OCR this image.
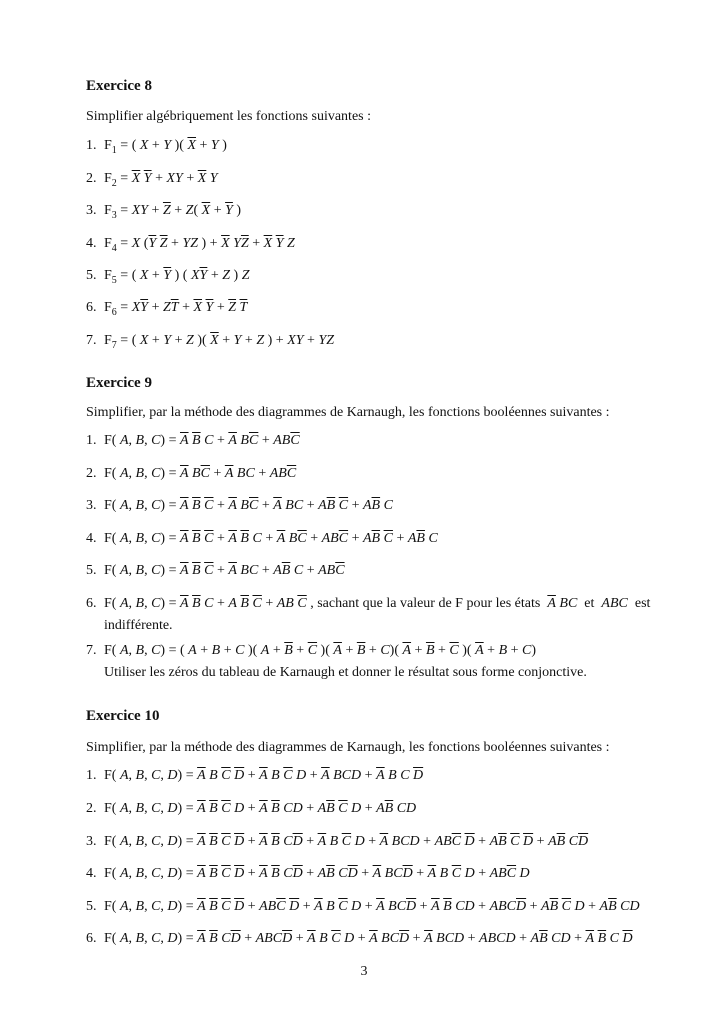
Exercice 8
Simplifier algébriquement les fonctions suivantes :
1. $F_1$ = ( X + Y )( $\overline{X} + Y$ )
2. $F_2 = \overline{X}$ $\overline{Y}$ + XY + $\overline{X}$ Y
3. $F_3$ = XY + $\overline{Z} + Z$( $\overline{X} + \overline{Y}$ )
4. $F_4 = X$ ($\overline{Y}$ $\overline{Z}$ + YZ ) + $\overline{X}$ $Y\overline{Z} + \overline{X}$ $\overline{Y}$ Z
5. $F_5$ = ( $X + \overline{Y}$ ) ( $X\overline{Y} + Z$ ) Z
6. $F_6 = X\overline{Y} + Z\overline{T} + \overline{X}$ $\overline{Y} + \overline{Z}$ $\overline{T}$
7. $F_7$ = ( X + Y + Z )( $\overline{X} + Y + Z$ ) + XY + YZ
Exercice 9
Simplifier, par la méthode des diagrammes de Karnaugh, les fonctions booléennes suivantes :
1. F( A, B, $C) = \overline{A}$ $\overline{B}$ $C + \overline{A}$ $B\overline{C} + AB\overline{C}$
2. F( A, B, $C) = \overline{A}$ $B\overline{C} + \overline{A}$ BC + $AB\overline{C}$
3. F( A, B, $C) = \overline{A}$ $\overline{B}$ $\overline{C} + \overline{A}$ $B\overline{C} + \overline{A}$ BC + $A\overline{B}$ $\overline{C} + A\overline{B}$ C
4. F( A, B, $C) = \overline{A}$ $\overline{B}$ $\overline{C} + \overline{A}$ $\overline{B}$ $C + \overline{A}$ $B\overline{C} + AB\overline{C} + A\overline{B}$ $\overline{C} + A\overline{B}$ C
5. F( A, B, $C) = \overline{A}$ $\overline{B}$ $\overline{C} + \overline{A}$ BC + $A\overline{B}$ $C + AB\overline{C}$
7. F( A, B, C) = ( A + B + C )( $A + \overline{B} + \overline{C}$ )( $\overline{A} + \overline{B} + C$)( $\overline{A} + \overline{B} + \overline{C}$ )( $\overline{A} + B + C$)
6. F( A, B, $C) = \overline{A}$ $\overline{B}$ C + A $\overline{B}$ $\overline{C}$ + AB $\overline{C}$ , sachant que la valeur de F pour les états  $\overline{A}$ BC  et  ABC  est
indifférente.
Utiliser les zéros du tableau de Karnaugh et donner le résultat sous forme conjonctive.
Exercice 10
Simplifier, par la méthode des diagrammes de Karnaugh, les fonctions booléennes suivantes :
1. F( A, B, C, $D) = \overline{A}$ B $\overline{C}$ $\overline{D} + \overline{A}$ B $\overline{C}$ $D + \overline{A}$ BCD + $\overline{A}$ B C $\overline{D}$
2. F( A, B, C, $D) = \overline{A}$ $\overline{B}$ $\overline{C}$ $D + \overline{A}$ $\overline{B}$ CD + $A\overline{B}$ $\overline{C}$ $D + A\overline{B}$ CD
3. F( A, B, C, $D) = \overline{A}$ $\overline{B}$ $\overline{C}$ $\overline{D} + \overline{A}$ $\overline{B}$ $C\overline{D} + \overline{A}$ B $\overline{C}$ $D + \overline{A}$ BCD + $AB\overline{C}$ $\overline{D} + A\overline{B}$ $\overline{C}$ $\overline{D} + A\overline{B}$ $C\overline{D}$
4. F( A, B, C, $D) = \overline{A}$ $\overline{B}$ $\overline{C}$ $\overline{D} + \overline{A}$ $\overline{B}$ $C\overline{D} + A\overline{B}$ $C\overline{D} + \overline{A}$ $BC\overline{D} + \overline{A}$ B $\overline{C}$ $D + AB\overline{C}$ D
5. F( A, B, C, $D) = \overline{A}$ $\overline{B}$ $\overline{C}$ $\overline{D} + AB\overline{C}$ $\overline{D} + \overline{A}$ B $\overline{C}$ $D + \overline{A}$ $BC\overline{D} + \overline{A}$ $\overline{B}$ CD + $ABC\overline{D} + A\overline{B}$ $\overline{C}$ $D + A\overline{B}$ CD
6. F( A, B, C, $D) = \overline{A}$ $\overline{B}$ $C\overline{D} + ABC\overline{D} + \overline{A}$ B $\overline{C}$ $D + \overline{A}$ $BC\overline{D} + \overline{A}$ BCD + ABCD + $A\overline{B}$ CD + $\overline{A}$ $\overline{B}$ C $\overline{D}$
3
